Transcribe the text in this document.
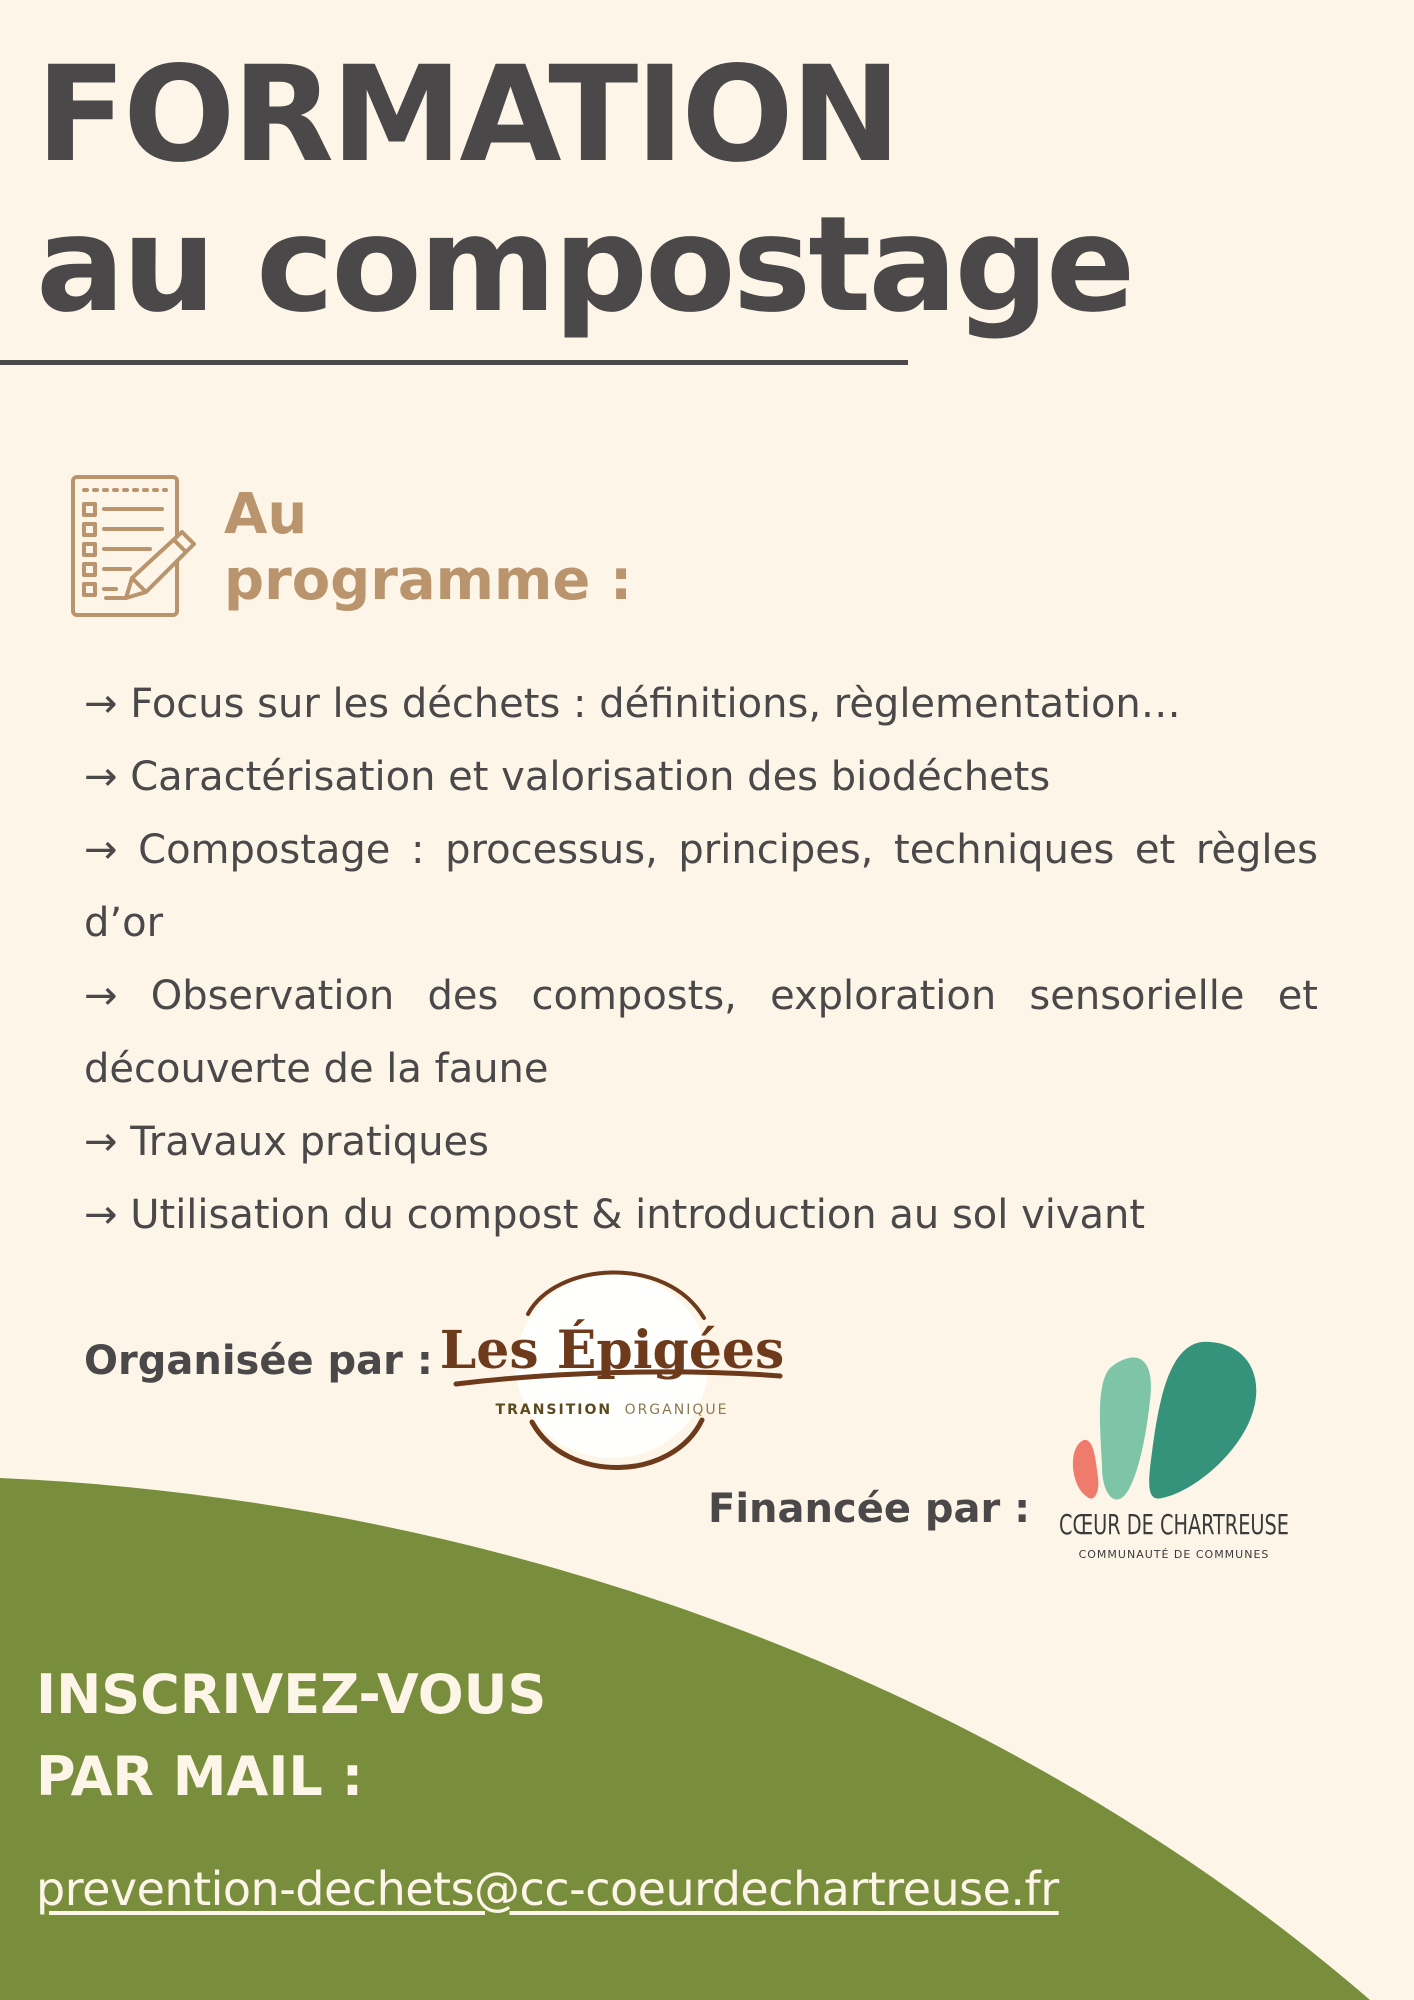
FORMATION
au compostage
Au
programme :
→ Focus sur les déchets : définitions, règlementation…
→ Caractérisation et valorisation des biodéchets
→ Compostage : processus, principes, techniques et règles d’or
→ Observation des composts, exploration sensorielle et découverte de la faune
→ Travaux pratiques
→ Utilisation du compost & introduction au sol vivant
Organisée par : Les Épigées
TRANSITION ORGANIQUE
Financée par : CŒUR DE CHARTREUSE
COMMUNAUTÉ DE COMMUNES
INSCRIVEZ-VOUS
PAR MAIL :
prevention-dechets@cc-coeurdechartreuse.fr
